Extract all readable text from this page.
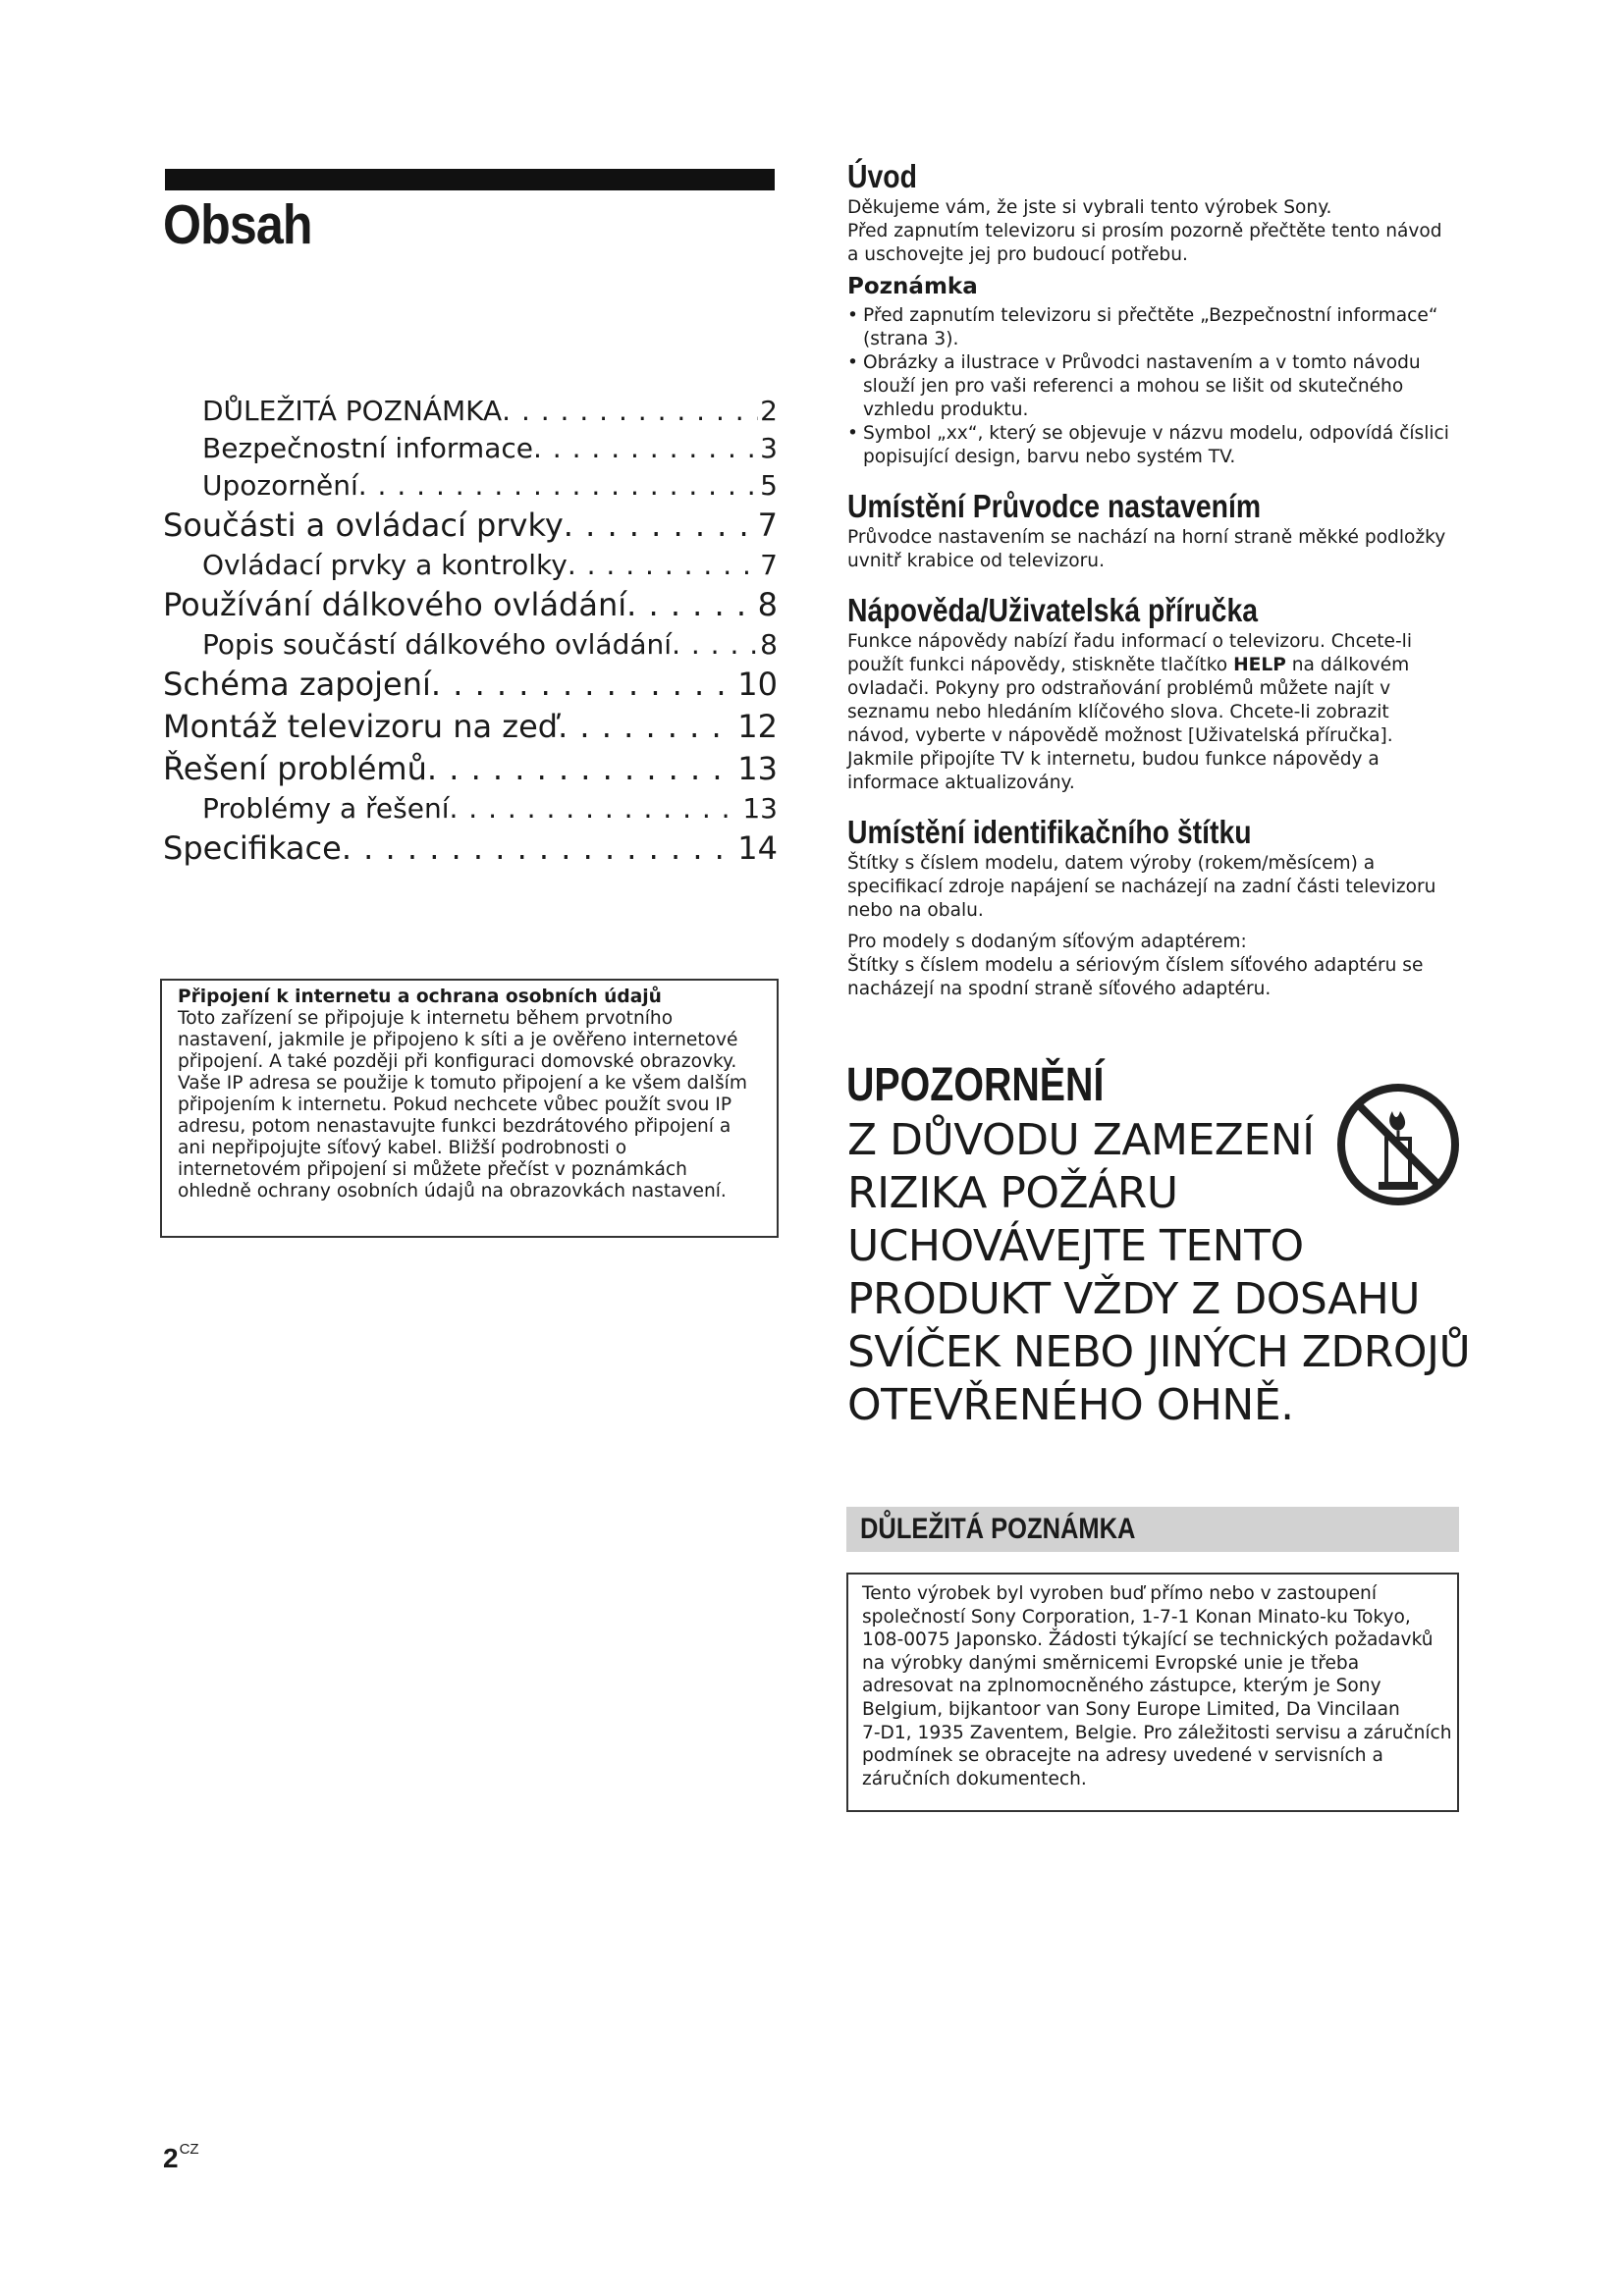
Obsah
DŮLEŽITÁ POZNÁMKA . . .	2
Bezpečnostní informace . . .	3
Upozornění . . .	5
Součásti a ovládací prvky . . .	7
Ovládací prvky a kontrolky . . .	7
Používání dálkového ovládání . . .	8
Popis součástí dálkového ovládání . . .	8
Schéma zapojení . . .	10
Montáž televizoru na zeď . . .	12
Řešení problémů . . .	13
Problémy a řešení . . .	13
Specifikace . . .	14
Připojení k internetu a ochrana osobních údajů
Toto zařízení se připojuje k internetu během prvotního
nastavení, jakmile je připojeno k síti a je ověřeno internetové
připojení. A také později při konfiguraci domovské obrazovky.
Vaše IP adresa se použije k tomuto připojení a ke všem dalším
připojením k internetu. Pokud nechcete vůbec použít svou IP
adresu, potom nenastavujte funkci bezdrátového připojení a
ani nepřipojujte síťový kabel. Bližší podrobnosti o
internetovém připojení si můžete přečíst v poznámkách
ohledně ochrany osobních údajů na obrazovkách nastavení.
$2^{CZ}$
Úvod

Děkujeme vám, že jste si vybrali tento výrobek Sony.

Před zapnutím televizoru si prosím pozorně přečtěte tento návod

a uschovejte jej pro budoucí potřebu.

Poznámka
• Před zapnutím televizoru si přečtěte „Bezpečnostní informace“
(strana 3).
• Obrázky a ilustrace v Průvodci nastavením a v tomto návodu
slouží jen pro vaši referenci a mohou se lišit od skutečného
vzhledu produktu.
• Symbol „xx“, který se objevuje v názvu modelu, odpovídá číslici
popisující design, barvu nebo systém TV.
Umístění Průvodce nastavením

Průvodce nastavením se nachází na horní straně měkké podložky

uvnitř krabice od televizoru.

Nápověda/Uživatelská příručka

Funkce nápovědy nabízí řadu informací o televizoru. Chcete-li

použít funkci nápovědy, stiskněte tlačítko HELP na dálkovém

ovladači. Pokyny pro odstraňování problémů můžete najít v

seznamu nebo hledáním klíčového slova. Chcete-li zobrazit

návod, vyberte v nápovědě možnost [Uživatelská příručka].

Jakmile připojíte TV k internetu, budou funkce nápovědy a

informace aktualizovány.

Umístění identifikačního štítku

Štítky s číslem modelu, datem výroby (rokem/měsícem) a

specifikací zdroje napájení se nacházejí na zadní části televizoru

nebo na obalu.

Pro modely s dodaným síťovým adaptérem:

Štítky s číslem modelu a sériovým číslem síťového adaptéru se

nacházejí na spodní straně síťového adaptéru.

UPOZORNĚNÍ
Z DŮVODU ZAMEZENÍ
RIZIKA POŽÁRU
UCHOVÁVEJTE TENTO
PRODUKT VŽDY Z DOSAHU
SVÍČEK NEBO JINÝCH ZDROJŮ
OTEVŘENÉHO OHNĚ.
DŮLEŽITÁ POZNÁMKA
Tento výrobek byl vyroben buď přímo nebo v zastoupení
společností Sony Corporation, 1-7-1 Konan Minato-ku Tokyo,
108-0075 Japonsko. Žádosti týkající se technických požadavků
na výrobky danými směrnicemi Evropské unie je třeba
adresovat na zplnomocněného zástupce, kterým je Sony
Belgium, bijkantoor van Sony Europe Limited, Da Vincilaan
7-D1, 1935 Zaventem, Belgie. Pro záležitosti servisu a záručních
podmínek se obracejte na adresy uvedené v servisních a
záručních dokumentech.
